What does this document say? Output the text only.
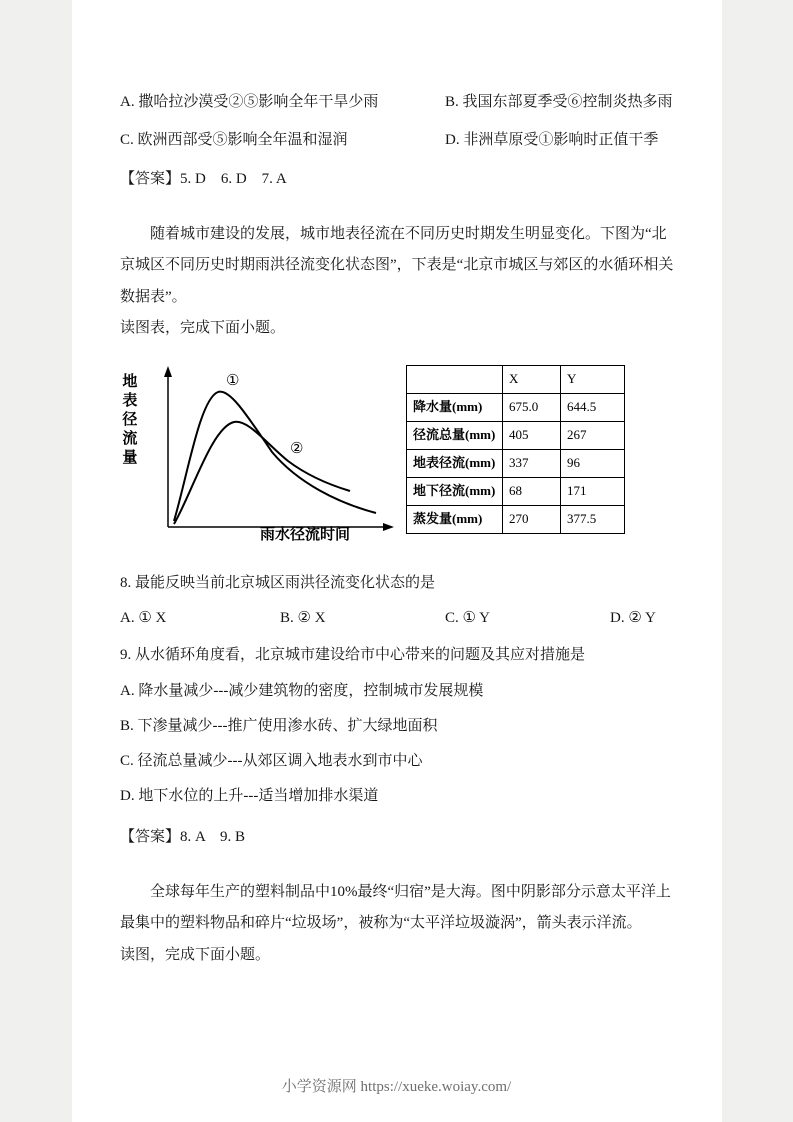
A. 撒哈拉沙漠受②⑤影响全年干旱少雨	B. 我国东部夏季受⑥控制炎热多雨
C. 欧洲西部受⑤影响全年温和湿润	D. 非洲草原受①影响时正值干季
【答案】5. D    6. D    7. A
随着城市建设的发展，城市地表径流在不同历史时期发生明显变化。下图为“北京城区不同历史时期雨洪径流变化状态图”，下表是“北京市城区与郊区的水循环相关数据表”。
读图表，完成下面小题。
地表径流量
①
②
雨水径流时间
	X	Y
降水量(mm)	675.0	644.5
径流总量(mm)	405	267
地表径流(mm)	337	96
地下径流(mm)	68	171
蒸发量(mm)	270	377.5
8. 最能反映当前北京城区雨洪径流变化状态的是
A. ① X	B. ② X	C. ① Y	D. ② Y
9. 从水循环角度看，北京城市建设给市中心带来的问题及其应对措施是
A. 降水量减少---减少建筑物的密度，控制城市发展规模
B. 下渗量减少---推广使用渗水砖、扩大绿地面积
C. 径流总量减少---从郊区调入地表水到市中心
D. 地下水位的上升---适当增加排水渠道
【答案】8. A    9. B
全球每年生产的塑料制品中10%最终“归宿”是大海。图中阴影部分示意太平洋上最集中的塑料物品和碎片“垃圾场”，被称为“太平洋垃圾漩涡”，箭头表示洋流。
读图，完成下面小题。
小学资源网 https://xueke.woiay.com/
